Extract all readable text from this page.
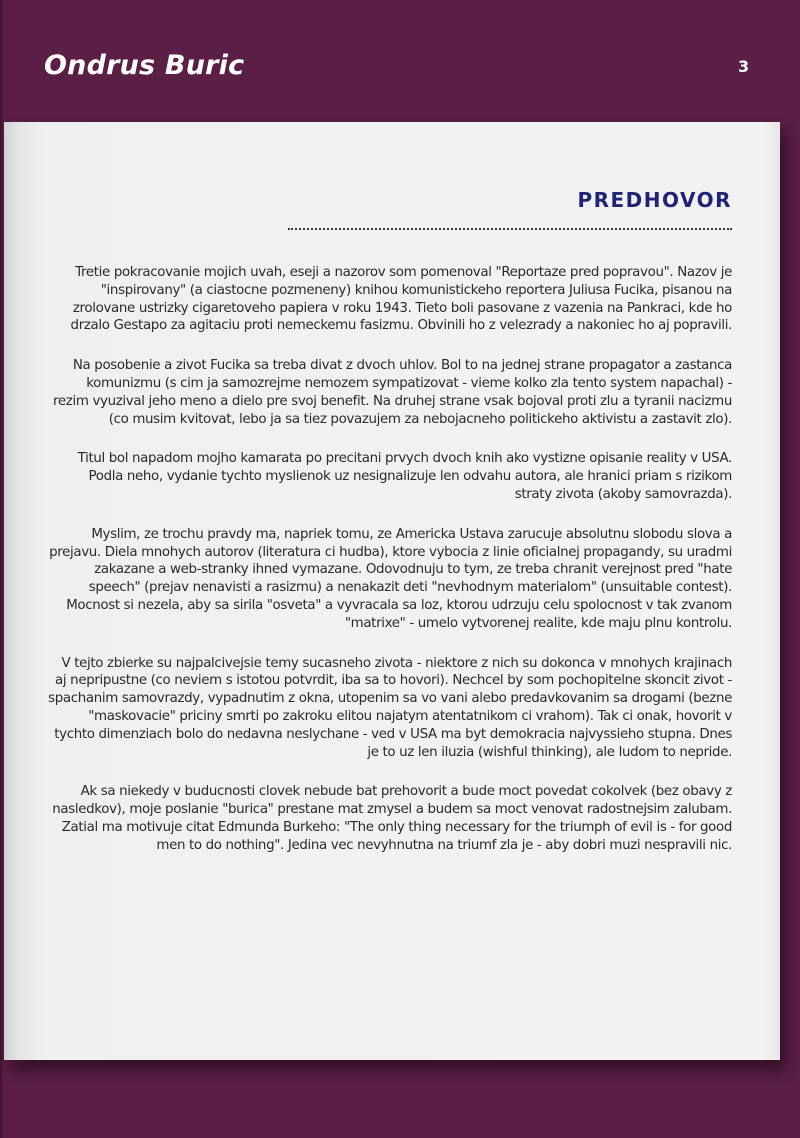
Ondrus Buric	3
PREDHOVOR

Tretie pokracovanie mojich uvah, eseji a nazorov som pomenoval "Reportaze pred popravou". Nazov je "inspirovany" (a ciastocne pozmeneny) knihou komunistickeho reportera Juliusa Fucika, pisanou na zrolovane ustrizky cigaretoveho papiera v roku 1943. Tieto boli pasovane z vazenia na Pankraci, kde ho drzalo Gestapo za agitaciu proti nemeckemu fasizmu. Obvinili ho z velezrady a nakoniec ho aj popravili.

Na posobenie a zivot Fucika sa treba divat z dvoch uhlov. Bol to na jednej strane propagator a zastanca komunizmu (s cim ja samozrejme nemozem sympatizovat - vieme kolko zla tento system napachal) - rezim vyuzival jeho meno a dielo pre svoj benefit. Na druhej strane vsak bojoval proti zlu a tyranii nacizmu (co musim kvitovat, lebo ja sa tiez povazujem za nebojacneho politickeho aktivistu a zastavit zlo).

Titul bol napadom mojho kamarata po precitani prvych dvoch knih ako vystizne opisanie reality v USA. Podla neho, vydanie tychto myslienok uz nesignalizuje len odvahu autora, ale hranici priam s rizikom straty zivota (akoby samovrazda).

Myslim, ze trochu pravdy ma, napriek tomu, ze Americka Ustava zarucuje absolutnu slobodu slova a prejavu. Diela mnohych autorov (literatura ci hudba), ktore vybocia z linie oficialnej propagandy, su uradmi zakazane a web-stranky ihned vymazane. Odovodnuju to tym, ze treba chranit verejnost pred "hate speech" (prejav nenavisti a rasizmu) a nenakazit deti "nevhodnym materialom" (unsuitable contest). Mocnost si nezela, aby sa sirila "osveta" a vyvracala sa loz, ktorou udrzuju celu spolocnost v tak zvanom "matrixe" - umelo vytvorenej realite, kde maju plnu kontrolu.

V tejto zbierke su najpalcivejsie temy sucasneho zivota - niektore z nich su dokonca v mnohych krajinach aj nepripustne (co neviem s istotou potvrdit, iba sa to hovori). Nechcel by som pochopitelne skoncit zivot - spachanim samovrazdy, vypadnutim z okna, utopenim sa vo vani alebo predavkovanim sa drogami (bezne "maskovacie" priciny smrti po zakroku elitou najatym atentatnikom ci vrahom). Tak ci onak, hovorit v tychto dimenziach bolo do nedavna neslychane - ved v USA ma byt demokracia najvyssieho stupna. Dnes je to uz len iluzia (wishful thinking), ale ludom to nepride.

Ak sa niekedy v buducnosti clovek nebude bat prehovorit a bude moct povedat cokolvek (bez obavy z nasledkov), moje poslanie "burica" prestane mat zmysel a budem sa moct venovat radostnejsim zalubam. Zatial ma motivuje citat Edmunda Burkeho: "The only thing necessary for the triumph of evil is - for good men to do nothing". Jedina vec nevyhnutna na triumf zla je - aby dobri muzi nespravili nic.
